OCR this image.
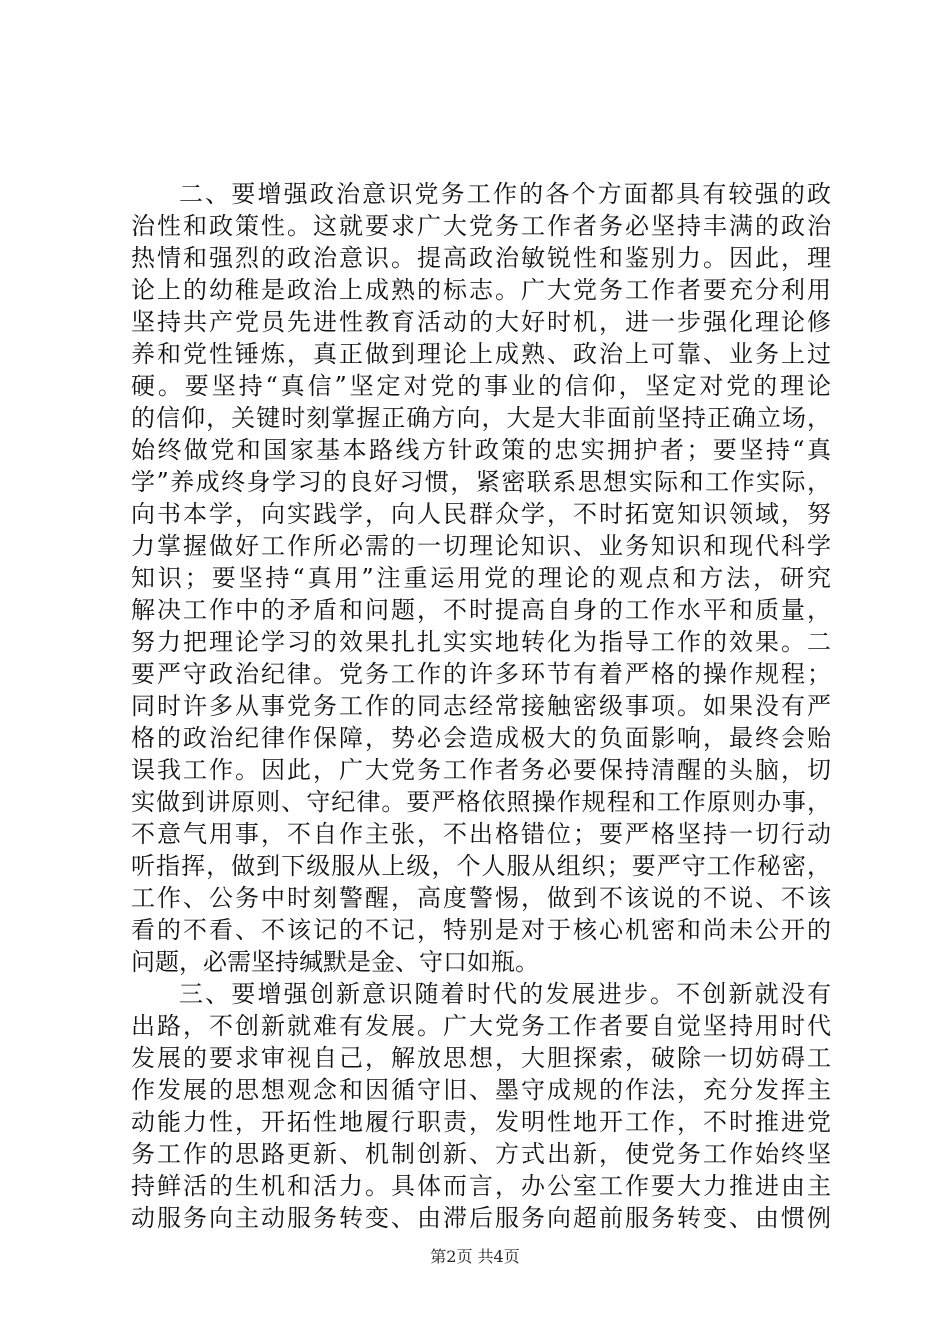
二、要增强政治意识党务工作的各个方面都具有较强的政
治性和政策性。这就要求广大党务工作者务必坚持丰满的政治
热情和强烈的政治意识。提高政治敏锐性和鉴别力。因此，理
论上的幼稚是政治上成熟的标志。广大党务工作者要充分利用
坚持共产党员先进性教育活动的大好时机，进一步强化理论修
养和党性锤炼，真正做到理论上成熟、政治上可靠、业务上过
硬。要坚持“真信”坚定对党的事业的信仰，坚定对党的理论
的信仰，关键时刻掌握正确方向，大是大非面前坚持正确立场，
始终做党和国家基本路线方针政策的忠实拥护者；要坚持“真
学”养成终身学习的良好习惯，紧密联系思想实际和工作实际，
向书本学，向实践学，向人民群众学，不时拓宽知识领域，努
力掌握做好工作所必需的一切理论知识、业务知识和现代科学
知识；要坚持“真用”注重运用党的理论的观点和方法，研究
解决工作中的矛盾和问题，不时提高自身的工作水平和质量，
努力把理论学习的效果扎扎实实地转化为指导工作的效果。二
要严守政治纪律。党务工作的许多环节有着严格的操作规程；
同时许多从事党务工作的同志经常接触密级事项。如果没有严
格的政治纪律作保障，势必会造成极大的负面影响，最终会贻
误我工作。因此，广大党务工作者务必要保持清醒的头脑，切
实做到讲原则、守纪律。要严格依照操作规程和工作原则办事，
不意气用事，不自作主张，不出格错位；要严格坚持一切行动
听指挥，做到下级服从上级，个人服从组织；要严守工作秘密，
工作、公务中时刻警醒，高度警惕，做到不该说的不说、不该
看的不看、不该记的不记，特别是对于核心机密和尚未公开的
问题，必需坚持缄默是金、守口如瓶。
三、要增强创新意识随着时代的发展进步。不创新就没有
出路，不创新就难有发展。广大党务工作者要自觉坚持用时代
发展的要求审视自己，解放思想，大胆探索，破除一切妨碍工
作发展的思想观念和因循守旧、墨守成规的作法，充分发挥主
动能力性，开拓性地履行职责，发明性地开工作，不时推进党
务工作的思路更新、机制创新、方式出新，使党务工作始终坚
持鲜活的生机和活力。具体而言，办公室工作要大力推进由主
动服务向主动服务转变、由滞后服务向超前服务转变、由惯例
第2页 共4页
